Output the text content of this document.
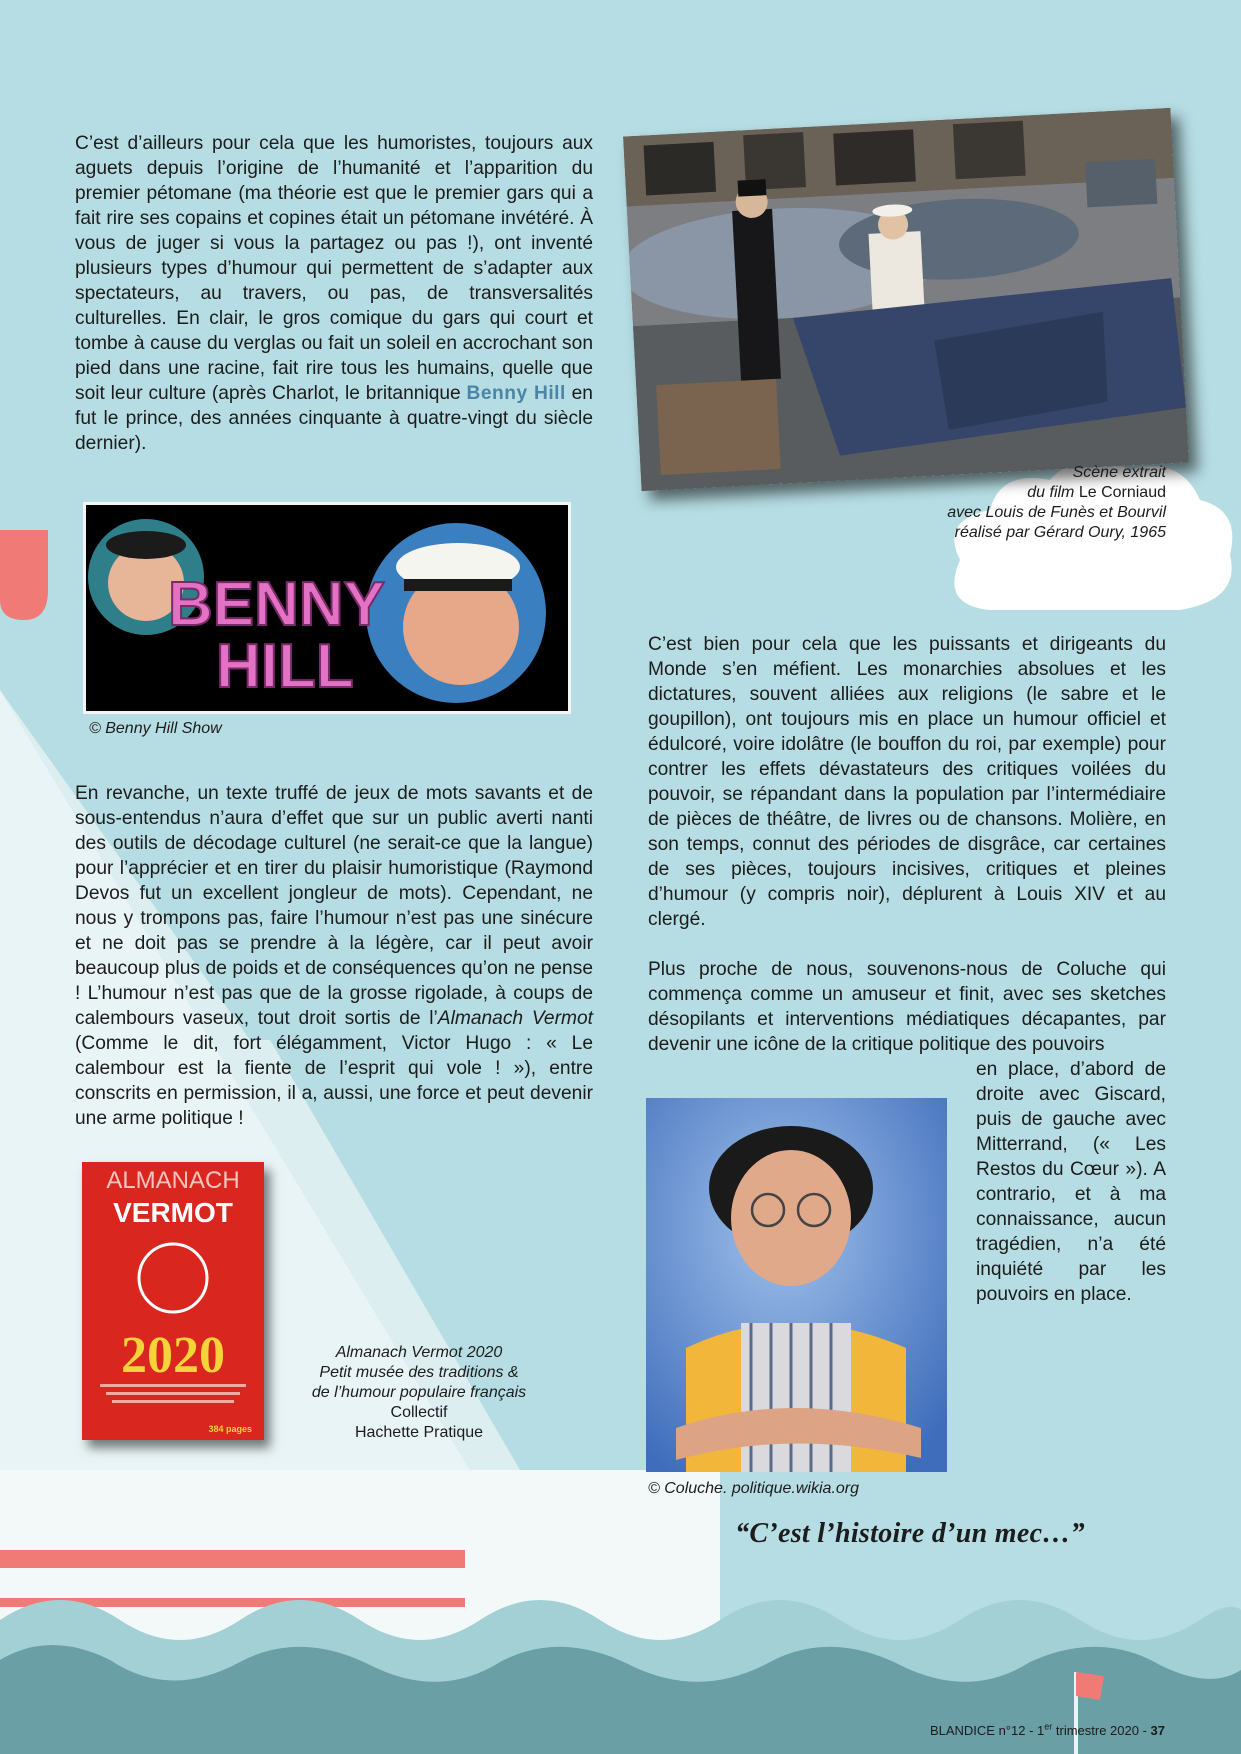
C’est d’ailleurs pour cela que les humoristes, toujours aux aguets depuis l’origine de l’humanité et l’apparition du premier pétomane (ma théorie est que le premier gars qui a fait rire ses copains et copines était un pétomane invétéré. À vous de juger si vous la partagez ou pas !), ont inventé plusieurs types d’humour qui permettent de s’adapter aux spectateurs, au travers, ou pas, de transversalités culturelles. En clair, le gros comique du gars qui court et tombe à cause du verglas ou fait un soleil en accrochant son pied dans une racine, fait rire tous les humains, quelle que soit leur culture (après Charlot, le britannique Benny Hill en fut le prince, des années cinquante à quatre-vingt du siècle dernier).

Scène extrait
du film Le Corniaud
avec Louis de Funès et Bourvil
réalisé par Gérard Oury, 1965
BENNY
HILL
© Benny Hill Show

En revanche, un texte truffé de jeux de mots savants et de sous-entendus n’aura d’effet que sur un public averti nanti des outils de décodage culturel (ne serait-ce que la langue) pour l’apprécier et en tirer du plaisir humoristique (Raymond Devos fut un excellent jongleur de mots). Cependant, ne nous y trompons pas, faire l’humour n’est pas une sinécure et ne doit pas se prendre à la légère, car il peut avoir beaucoup plus de poids et de conséquences qu’on ne pense ! L’humour n’est pas que de la grosse rigolade, à coups de calembours vaseux, tout droit sortis de l’Almanach Vermot (Comme le dit, fort élégamment, Victor Hugo : « Le calembour est la fiente de l’esprit qui vole ! »), entre conscrits en permission, il a, aussi, une force et peut devenir une arme politique !

ALMANACH
VERMOT
2020
384 pages
Almanach Vermot 2020
Petit musée des traditions &
de l’humour populaire français
Collectif
Hachette Pratique

C’est bien pour cela que les puissants et dirigeants du Monde s’en méfient. Les monarchies absolues et les dictatures, souvent alliées aux religions (le sabre et le goupillon), ont toujours mis en place un humour officiel et édulcoré, voire idolâtre (le bouffon du roi, par exemple) pour contrer les effets dévastateurs des critiques voilées du pouvoir, se répandant dans la population par l’intermédiaire de pièces de théâtre, de livres ou de chansons. Molière, en son temps, connut des périodes de disgrâce, car certaines de ses pièces, toujours incisives, critiques et pleines d’humour (y compris noir), déplurent à Louis XIV et au clergé.

Plus proche de nous, souvenons-nous de Coluche qui commença comme un amuseur et finit, avec ses sketches désopilants et interventions médiatiques décapantes, par devenir une icône de la critique politique des pouvoirs

en place, d’abord de droite avec Giscard, puis de gauche avec Mitterrand, (« Les Restos du Cœur »). A contrario, et à ma connaissance, aucun tragédien, n’a été inquiété par les pouvoirs en place.

© Coluche. politique.wikia.org
“C’est l’histoire d’un mec…”
BLANDICE n°12 - 1er trimestre 2020 - 37
